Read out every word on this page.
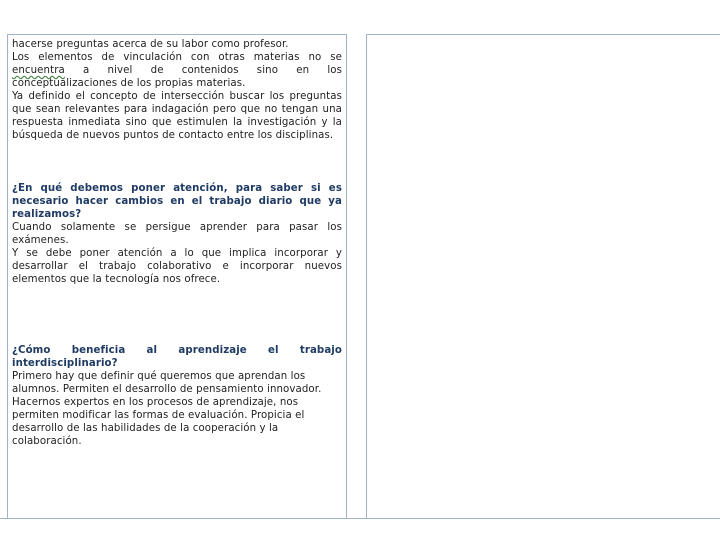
hacerse preguntas acerca de su labor como profesor.

Los elementos de vinculación con otras materias no se encuentra a nivel de contenidos sino en los conceptualizaciones de los propias materias.

Ya definido el concepto de intersección buscar los preguntas que sean relevantes para indagación pero que no tengan una respuesta inmediata sino que estimulen la investigación y la búsqueda de nuevos puntos de contacto entre los disciplinas.

¿En qué debemos poner atención, para saber si es necesario hacer cambios en el trabajo diario que ya realizamos?

Cuando solamente se persigue aprender para pasar los exámenes.

Y se debe poner atención a lo que implica incorporar y desarrollar el trabajo colaborativo e incorporar nuevos elementos que la tecnología nos ofrece.

¿Cómo beneficia al aprendizaje el trabajo interdisciplinario?

Primero hay que definir qué queremos que aprendan los alumnos. Permiten el desarrollo de pensamiento innovador.

Hacernos expertos en los procesos de aprendizaje, nos permiten modificar las formas de evaluación. Propicia el desarrollo de las habilidades de la cooperación y la colaboración.
